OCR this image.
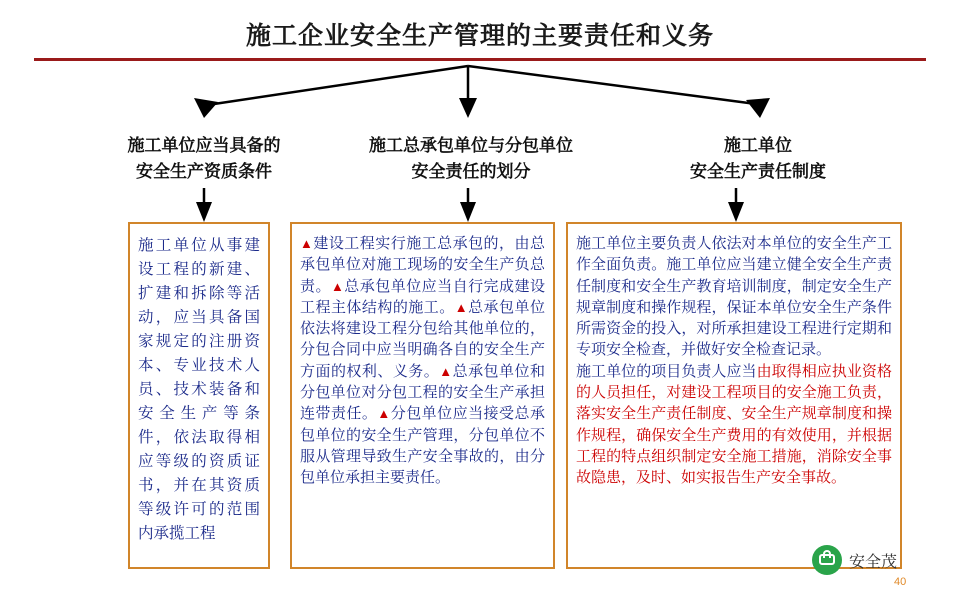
施工企业安全生产管理的主要责任和义务
施工单位应当具备的
安全生产资质条件
施工总承包单位与分包单位
安全责任的划分
施工单位
安全生产责任制度
施工单位从事建设工程的新建、扩建和拆除等活动，应当具备国家规定的注册资本、专业技术人员、技术装备和安全生产等条件，依法取得相应等级的资质证书，并在其资质等级许可的范围内承揽工程
▲建设工程实行施工总承包的，由总承包单位对施工现场的安全生产负总责。▲总承包单位应当自行完成建设工程主体结构的施工。▲总承包单位依法将建设工程分包给其他单位的，分包合同中应当明确各自的安全生产方面的权利、义务。▲总承包单位和分包单位对分包工程的安全生产承担连带责任。▲分包单位应当接受总承包单位的安全生产管理，分包单位不服从管理导致生产安全事故的，由分包单位承担主要责任。
施工单位主要负责人依法对本单位的安全生产工作全面负责。施工单位应当建立健全安全生产责任制度和安全生产教育培训制度，制定安全生产规章制度和操作规程，保证本单位安全生产条件所需资金的投入，对所承担建设工程进行定期和专项安全检查，并做好安全检查记录。
施工单位的项目负责人应当由取得相应执业资格的人员担任，对建设工程项目的安全施工负责，落实安全生产责任制度、安全生产规章制度和操作规程，确保安全生产费用的有效使用，并根据工程的特点组织制定安全施工措施，消除安全事故隐患，及时、如实报告生产安全事故。
安全茂
40
